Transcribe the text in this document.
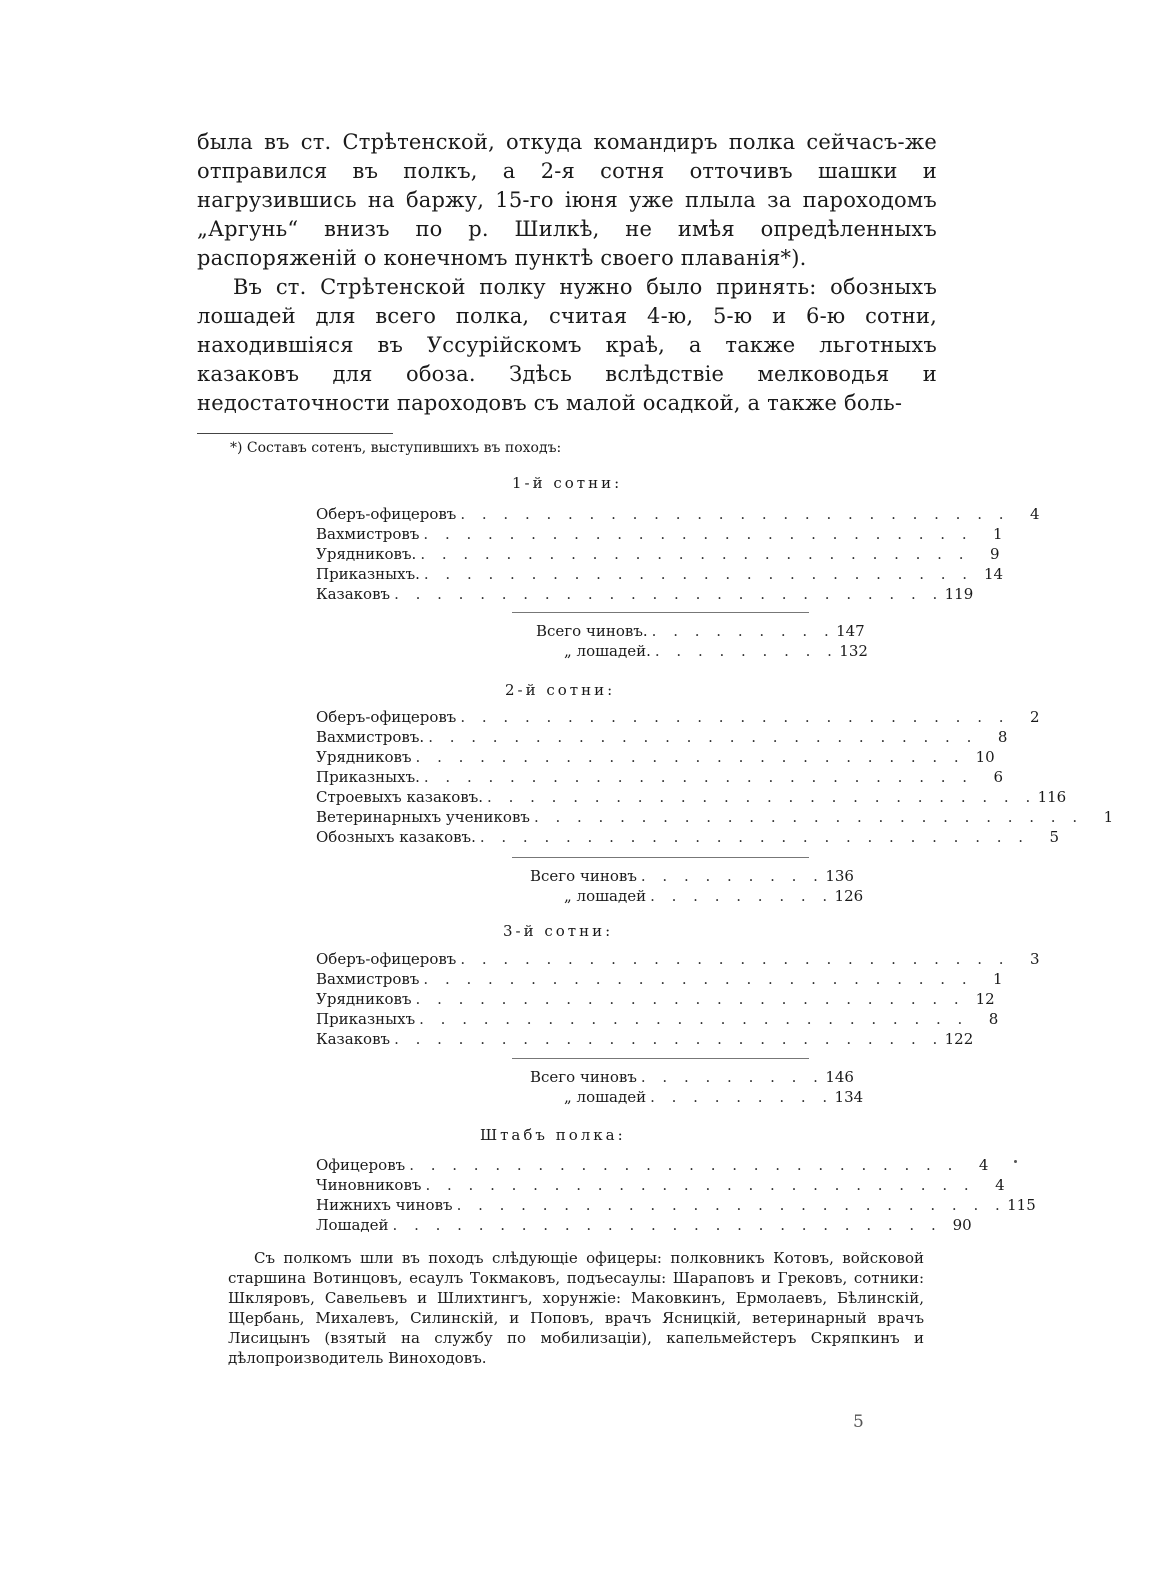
была въ ст. Стрѣтенской, откуда командиръ полка сейчасъ-же отправился въ полкъ, а 2-я сотня отточивъ шашки и нагрузившись на баржу, 15-го іюня уже плыла за пароходомъ „Аргунь“ внизъ по р. Шилкѣ, не имѣя опредѣленныхъ распоряженій о конечномъ пунктѣ своего плаванія*).

Въ ст. Стрѣтенской полку нужно было принять: обозныхъ лошадей для всего полка, считая 4-ю, 5-ю и 6-ю сотни, находившіяся въ Уссурійскомъ краѣ, а также льготныхъ казаковъ для обоза. Здѣсь вслѣдствіе мелководья и недостаточности пароходовъ съ малой осадкой, а также боль-

*) Составъ сотенъ, выступившихъ въ походъ:
1-й сотни:
Оберъ-офицеровъ . . . . . . . . . . . . . . . . . . . . . . . . . .	4
Вахмистровъ . . . . . . . . . . . . . . . . . . . . . . . . . .	1
Урядниковъ. . . . . . . . . . . . . . . . . . . . . . . . . . .	9
Приказныхъ. . . . . . . . . . . . . . . . . . . . . . . . . . . 14
Казаковъ . . . . . . . . . . . . . . . . . . . . . . . . . . 119
Всего чиновъ. . . . . . . . . . 147
„ лошадей. . . . . . . . . . 132
2-й сотни:
Оберъ-офицеровъ . . . . . . . . . . . . . . . . . . . . . . . . . .	2
Вахмистровъ. . . . . . . . . . . . . . . . . . . . . . . . . . .	8
Урядниковъ . . . . . . . . . . . . . . . . . . . . . . . . . . 10
Приказныхъ. . . . . . . . . . . . . . . . . . . . . . . . . . .	6
Строевыхъ казаковъ. . . . . . . . . . . . . . . . . . . . . . . . . . . 116
Ветеринарныхъ учениковъ . . . . . . . . . . . . . . . . . . . . . . . . . .	1
Обозныхъ казаковъ. . . . . . . . . . . . . . . . . . . . . . . . . . .	5
Всего чиновъ . . . . . . . . . 136
„ лошадей . . . . . . . . . 126
3-й сотни:
Оберъ-офицеровъ . . . . . . . . . . . . . . . . . . . . . . . . . .	3
Вахмистровъ . . . . . . . . . . . . . . . . . . . . . . . . . .	1
Урядниковъ . . . . . . . . . . . . . . . . . . . . . . . . . . 12
Приказныхъ . . . . . . . . . . . . . . . . . . . . . . . . . .	8
Казаковъ . . . . . . . . . . . . . . . . . . . . . . . . . . 122
Всего чиновъ . . . . . . . . . 146
„ лошадей . . . . . . . . . 134
Штабъ полка:
Офицеровъ . . . . . . . . . . . . . . . . . . . . . . . . . .	4
Чиновниковъ . . . . . . . . . . . . . . . . . . . . . . . . . .	4
Нижнихъ чиновъ . . . . . . . . . . . . . . . . . . . . . . . . . . 115
Лошадей . . . . . . . . . . . . . . . . . . . . . . . . . . 90

Съ полкомъ шли въ походъ слѣдующіе офицеры: полковникъ Котовъ, войсковой старшина Вотинцовъ, есаулъ Токмаковъ, подъесаулы: Шараповъ и Грековъ, сотники: Шкляровъ, Савельевъ и Шлихтингъ, хорунжіе: Маковкинъ, Ермолаевъ, Бѣлинскій, Щербань, Михалевъ, Силинскій, и Поповъ, врачъ Ясницкій, ветеринарный врачъ Лисицынъ (взятый на службу по мобилизаціи), капельмейстеръ Скряпкинъ и дѣлопроизводитель Виноходовъ.

5
